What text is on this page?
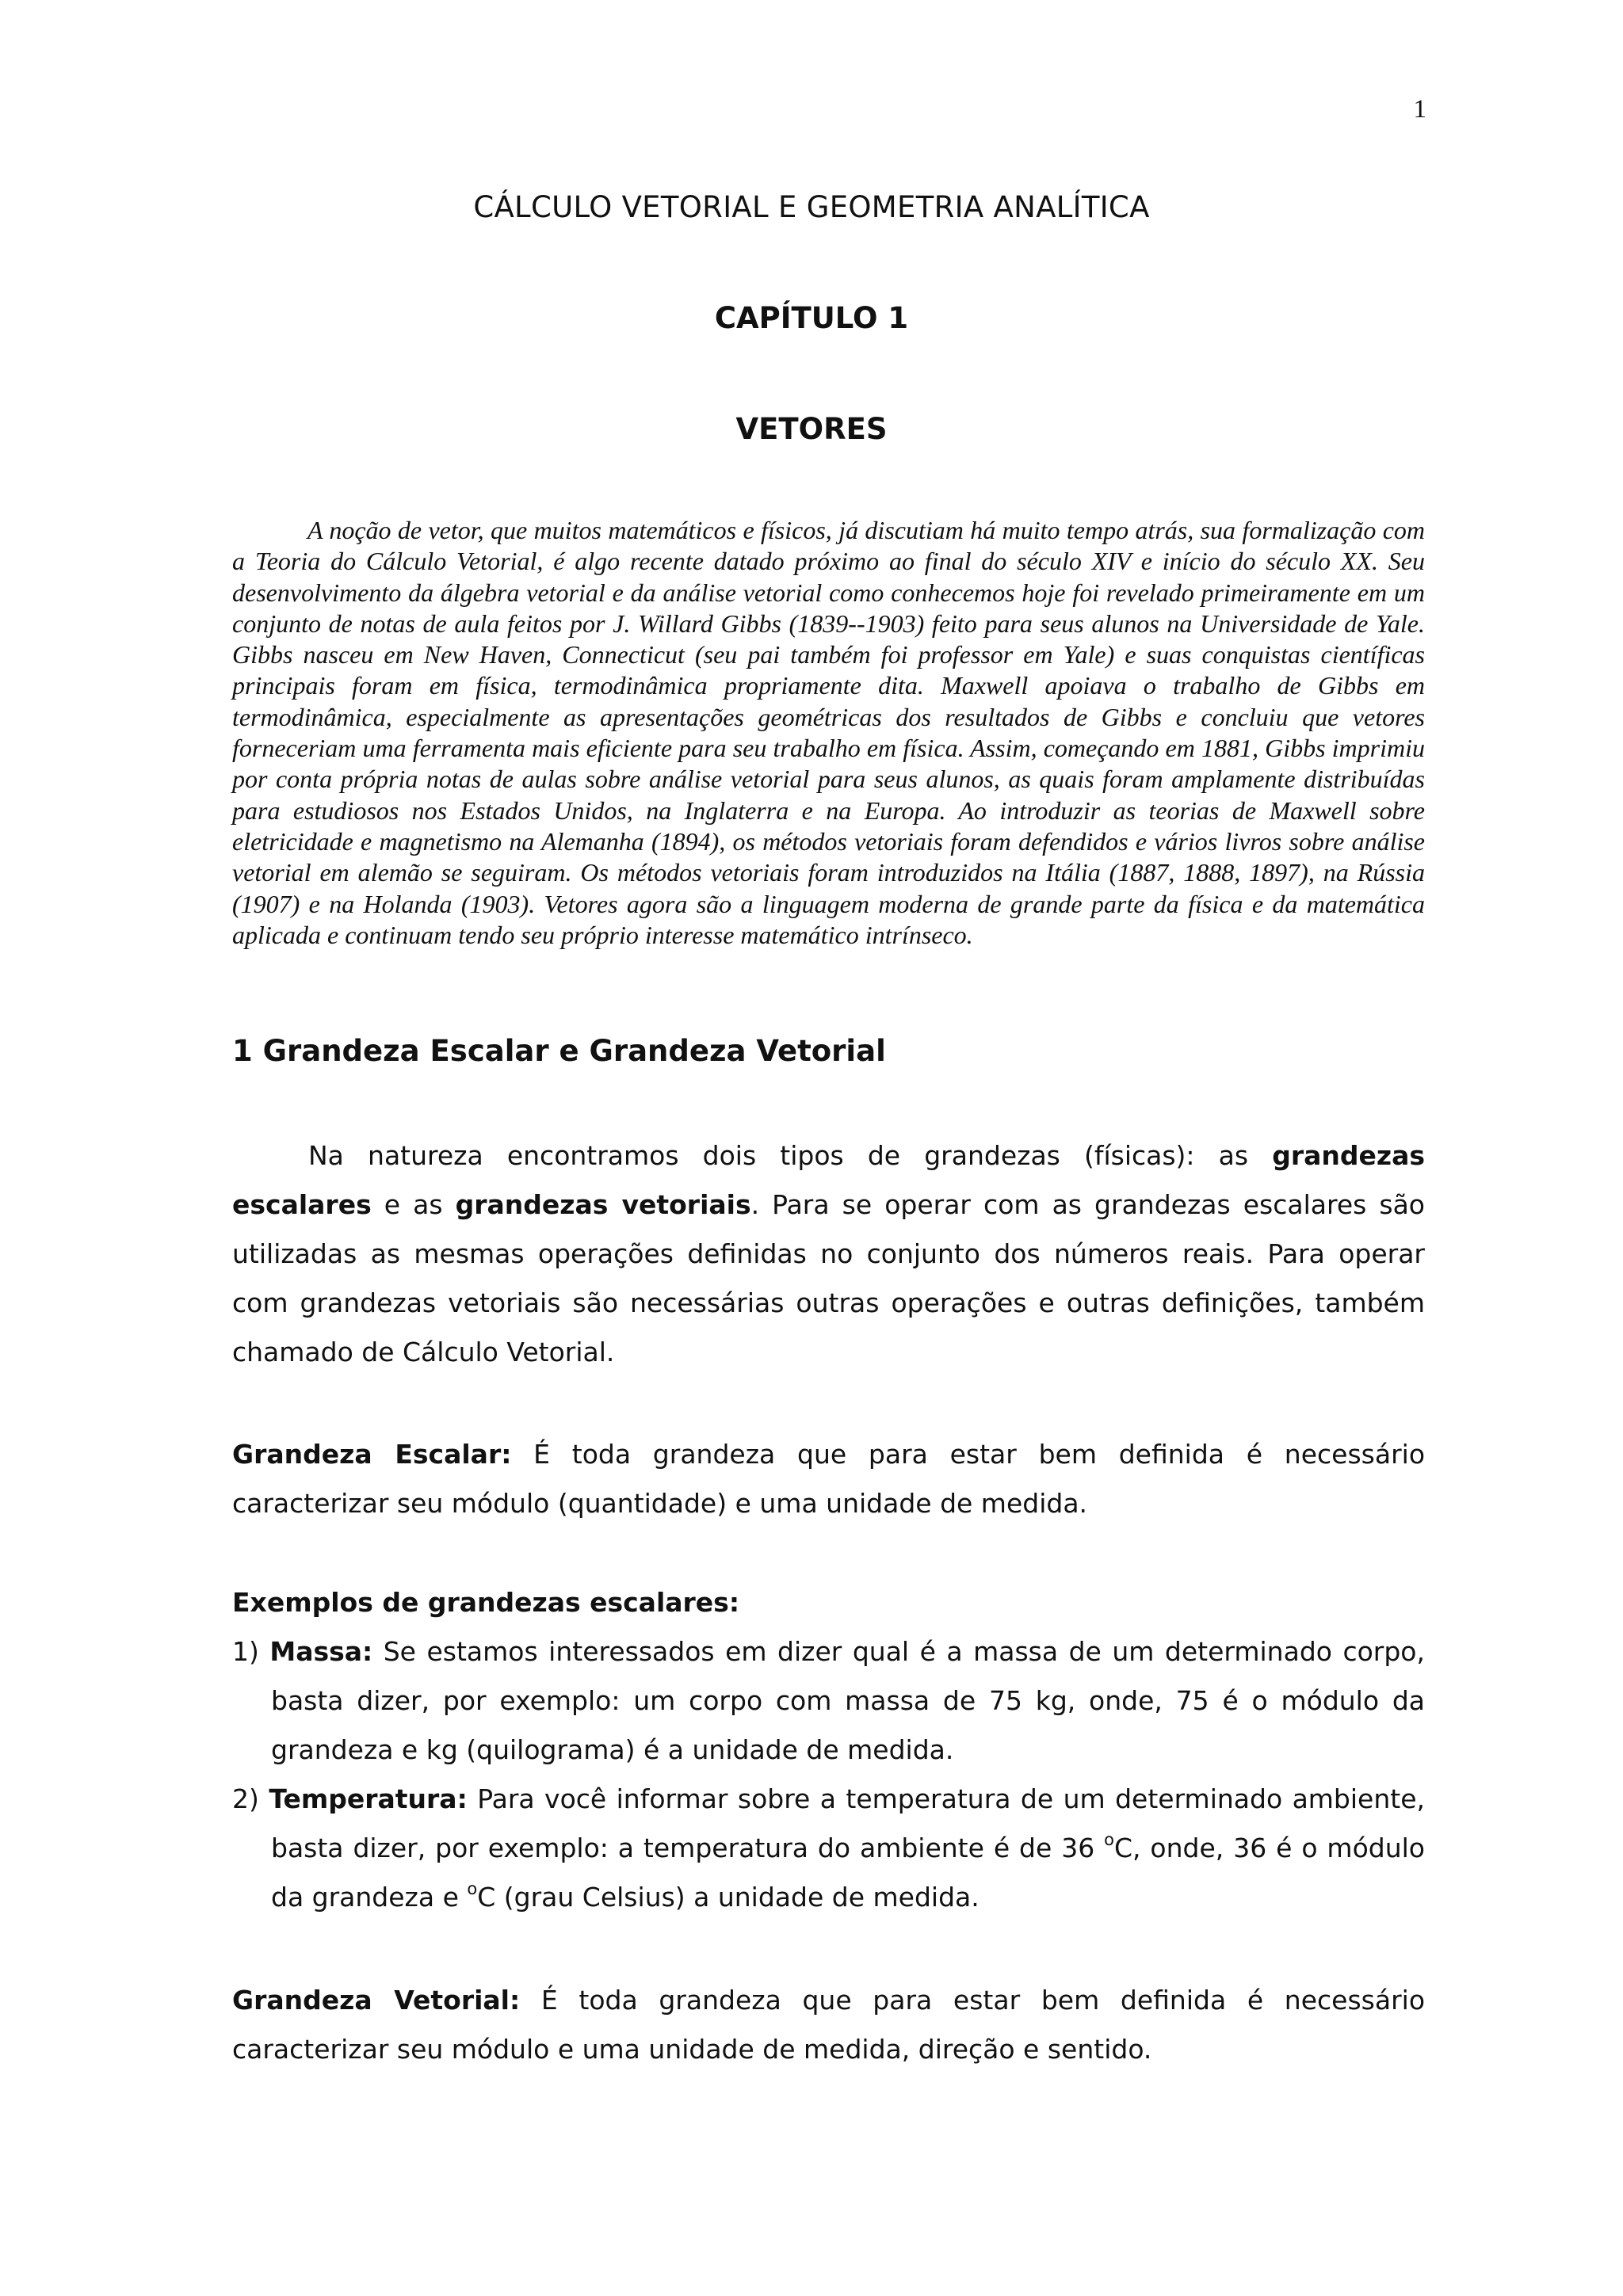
1
CÁLCULO VETORIAL E GEOMETRIA ANALÍTICA
CAPÍTULO 1
VETORES

A noção de vetor, que muitos matemáticos e físicos, já discutiam há muito tempo atrás, sua formalização com a Teoria do Cálculo Vetorial, é algo recente datado próximo ao final do século XIV e início do século XX. Seu desenvolvimento da álgebra vetorial e da análise vetorial como conhecemos hoje foi revelado primeiramente em um conjunto de notas de aula feitos por J. Willard Gibbs (1839--1903) feito para seus alunos na Universidade de Yale. Gibbs nasceu em New Haven, Connecticut (seu pai também foi professor em Yale) e suas conquistas científicas principais foram em física, termodinâmica propriamente dita. Maxwell apoiava o trabalho de Gibbs em termodinâmica, especialmente as apresentações geométricas dos resultados de Gibbs e concluiu que vetores forneceriam uma ferramenta mais eficiente para seu trabalho em física. Assim, começando em 1881, Gibbs imprimiu por conta própria notas de aulas sobre análise vetorial para seus alunos, as quais foram amplamente distribuídas para estudiosos nos Estados Unidos, na Inglaterra e na Europa. Ao introduzir as teorias de Maxwell sobre eletricidade e magnetismo na Alemanha (1894), os métodos vetoriais foram defendidos e vários livros sobre análise vetorial em alemão se seguiram. Os métodos vetoriais foram introduzidos na Itália (1887, 1888, 1897), na Rússia (1907) e na Holanda (1903). Vetores agora são a linguagem moderna de grande parte da física e da matemática aplicada e continuam tendo seu próprio interesse matemático intrínseco.

1 Grandeza Escalar e Grandeza Vetorial

Na natureza encontramos dois tipos de grandezas (físicas): as grandezas escalares e as grandezas vetoriais. Para se operar com as grandezas escalares são utilizadas as mesmas operações definidas no conjunto dos números reais. Para operar com grandezas vetoriais são necessárias outras operações e outras definições, também chamado de Cálculo Vetorial.

Grandeza Escalar: É toda grandeza que para estar bem definida é necessário caracterizar seu módulo (quantidade) e uma unidade de medida.

Exemplos de grandezas escalares:

1) Massa: Se estamos interessados em dizer qual é a massa de um determinado corpo, basta dizer, por exemplo: um corpo com massa de 75 kg, onde, 75 é o módulo da grandeza e kg (quilograma) é a unidade de medida.
2) Temperatura: Para você informar sobre a temperatura de um determinado ambiente, basta dizer, por exemplo: a temperatura do ambiente é de 36 $^o$C, onde, 36 é o módulo da grandeza e $^o$C (grau Celsius) a unidade de medida.

Grandeza Vetorial: É toda grandeza que para estar bem definida é necessário caracterizar seu módulo e uma unidade de medida, direção e sentido.
